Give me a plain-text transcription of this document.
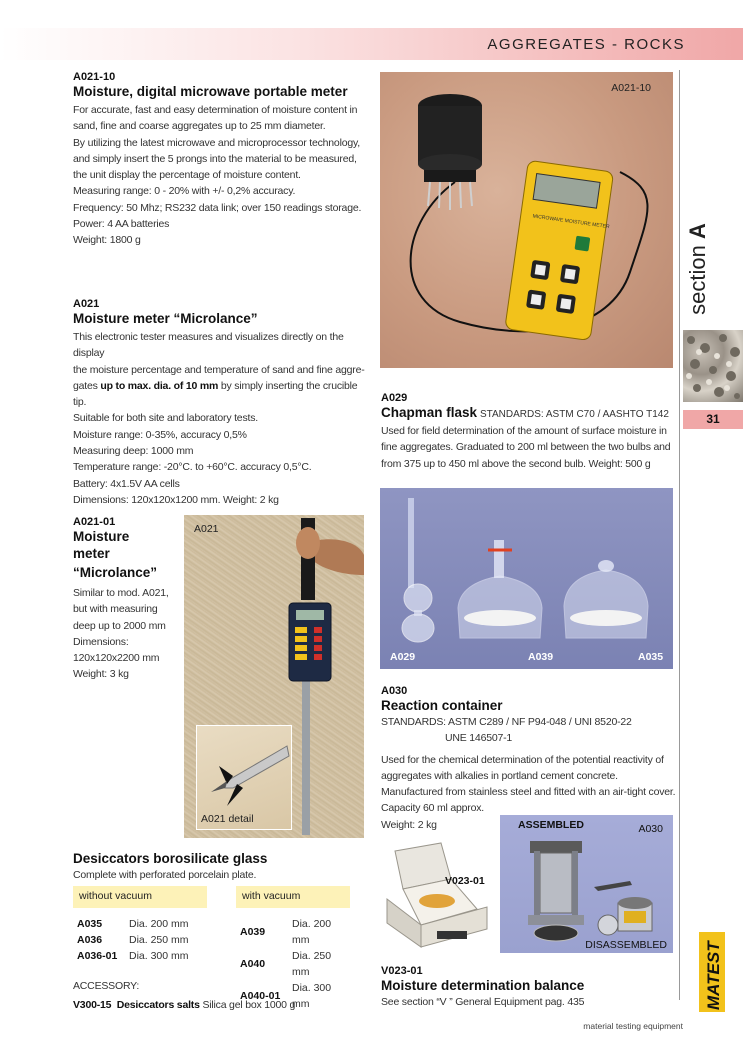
AGGREGATES - ROCKS
A021-10
Moisture, digital microwave portable meter
For accurate, fast and easy determination of moisture content in
sand, fine and coarse aggregates up to 25 mm diameter.
By utilizing the latest microwave and microprocessor technology,
and simply insert the 5 prongs into the material to be measured,
the unit display the percentage of moisture content.
Measuring range: 0 - 20% with +/- 0,2% accuracy.
Frequency: 50 Mhz; RS232 data link; over 150 readings storage.
Power: 4 AA batteries
Weight: 1800 g
MICROWAVE MOISTURE METER
A021-10
A021
Moisture meter “Microlance”
This electronic tester measures and visualizes directly on the display
the moisture percentage and temperature of sand and fine aggre-
gates up to max. dia. of 10 mm by simply inserting the crucible tip.
Suitable for both site and laboratory tests.
Moisture range: 0-35%, accuracy 0,5%
Measuring deep: 1000 mm
Temperature range: -20°C. to +60°C. accuracy 0,5°C.
Battery: 4x1.5V AA cells
Dimensions: 120x120x1200 mm. Weight: 2 kg
A021-01
Moisture
meter
“Microlance”
Similar to mod. A021,
but with measuring
deep up to 2000 mm
Dimensions:
120x120x2200 mm
Weight: 3 kg
A021
A021 detail
A029
Chapman flask STANDARDS: ASTM C70 / AASHTO T142
Used for field determination of the amount of surface moisture in
fine aggregates. Graduated to 200 ml between the two bulbs and
from 375 up to 450 ml above the second bulb. Weight: 500 g
A029	A039	A035
A030
Reaction container
STANDARDS: ASTM C289 / NF P94-048 / UNI 8520-22
UNE 146507-1
Used for the chemical determination of the potential reactivity of
aggregates with alkalies in portland cement concrete.
Manufactured from stainless steel and fitted with an air-tight cover.
Capacity 60 ml approx.
Weight: 2 kg
V023-01
ASSEMBLED	A030
DISASSEMBLED
V023-01
Moisture determination balance
See section “V ” General Equipment pag. 435
Desiccators borosilicate glass
Complete with perforated porcelain plate.
without vacuum
A035	Dia. 200 mm
A036	Dia. 250 mm
A036-01	Dia. 300 mm
with vacuum
A039	Dia. 200 mm
A040	Dia. 250 mm
A040-01	Dia. 300 mm
ACCESSORY:
V300-15 Desiccators salts Silica gel box 1000 g
section A
31
MATEST
material testing equipment
